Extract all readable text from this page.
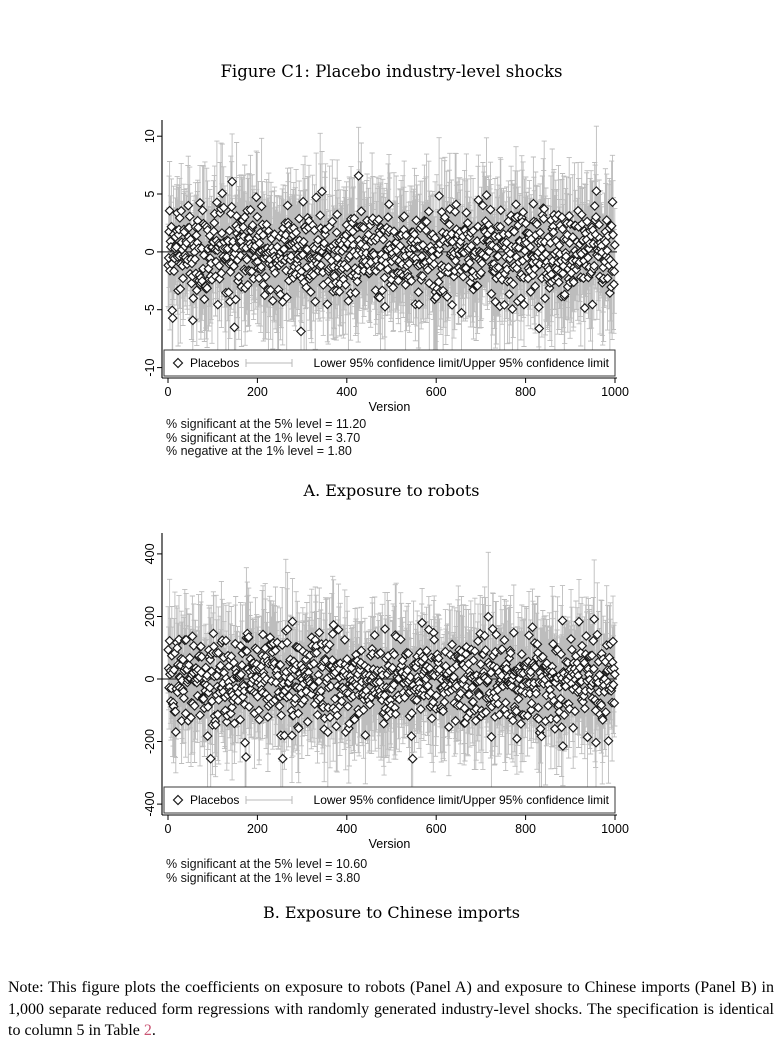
Figure C1: Placebo industry-level shocks
10
5
0
-5
-10
0	200	400	600	800	1000
Version
Placebos	Lower 95% confidence limit/Upper 95% confidence limit
% significant at the 5% level = 11.20
% significant at the 1% level = 3.70
% negative at the 1% level = 1.80
A. Exposure to robots
400
200
0
-200
-400
0	200	400	600	800	1000
Version
Placebos	Lower 95% confidence limit/Upper 95% confidence limit
% significant at the 5% level = 10.60
% significant at the 1% level = 3.80
B. Exposure to Chinese imports
Note: This figure plots the coefficients on exposure to robots (Panel A) and exposure to Chinese imports (Panel B) in 1,000 separate reduced form regressions with randomly generated industry-level shocks. The specification is identical to column 5 in Table 2.
